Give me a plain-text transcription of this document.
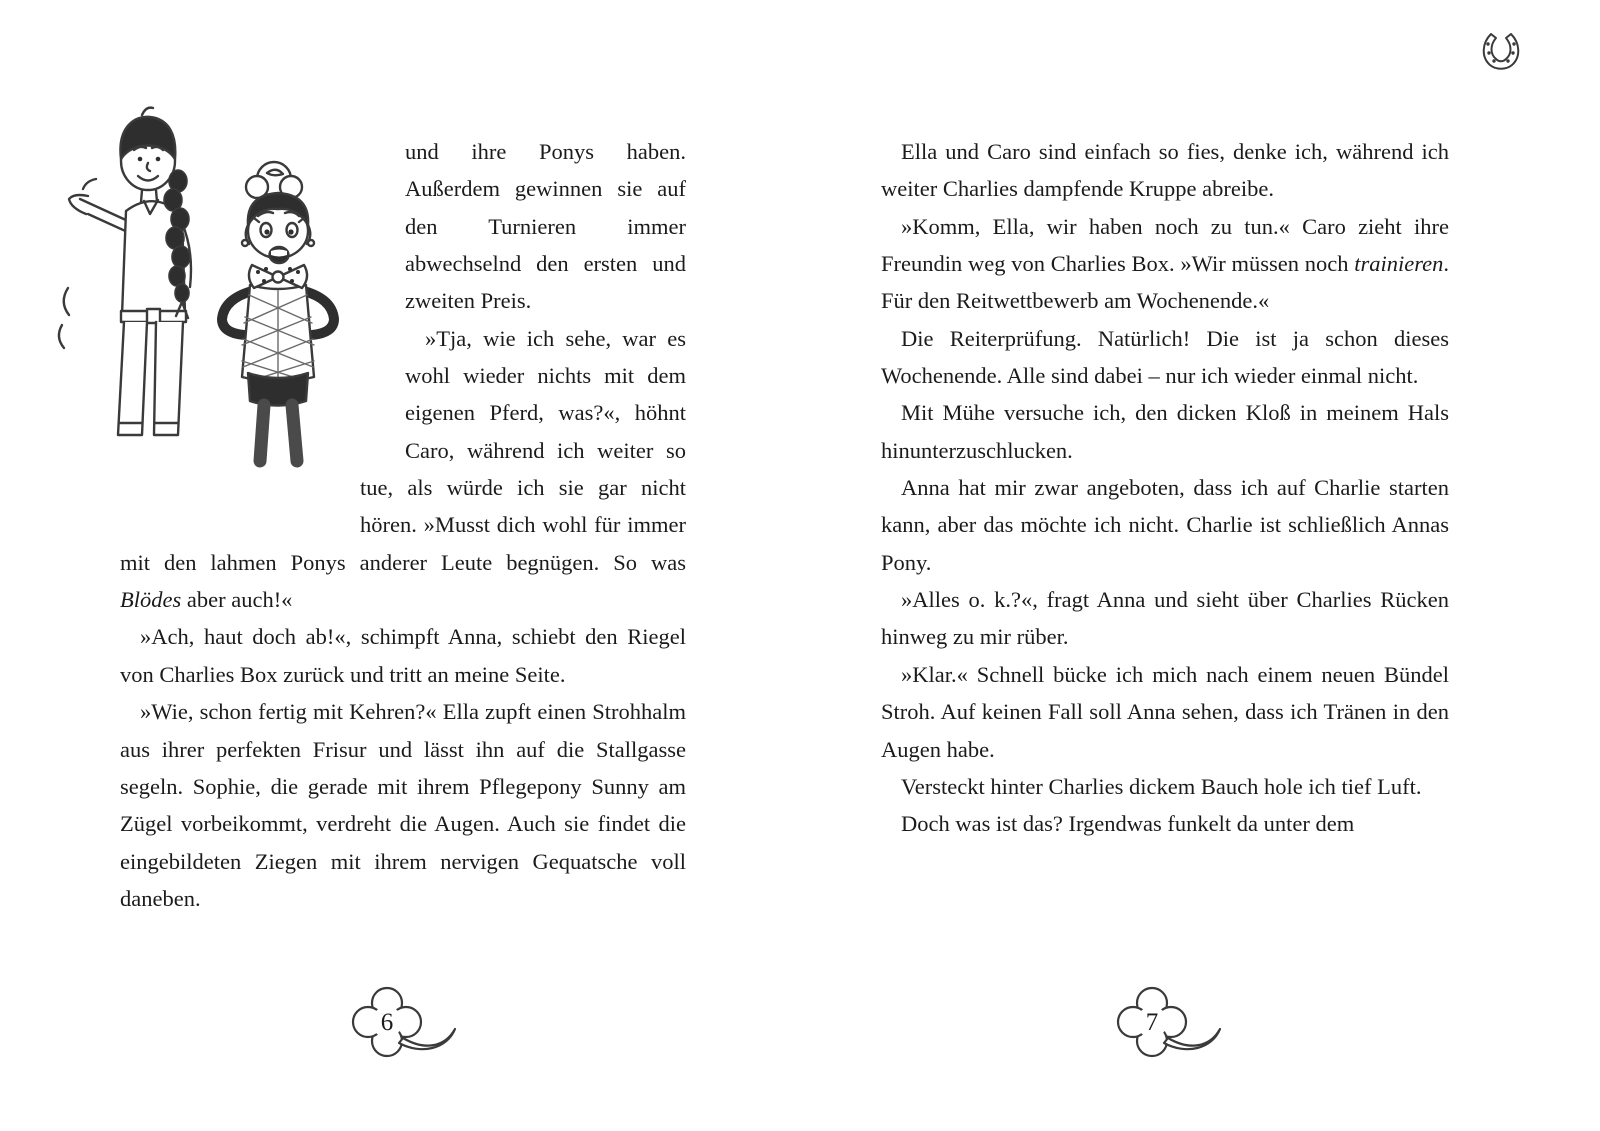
und ihre Ponys haben. Außerdem gewinnen sie auf den Turnieren immer abwechselnd den ersten und zweiten Preis.

»Tja, wie ich sehe, war es wohl wieder nichts mit dem eigenen Pferd, was?«, höhnt Caro, während ich weiter so tue, als würde ich sie gar nicht hören. »Musst dich wohl für immer mit den lahmen Ponys anderer Leute begnügen. So was Blödes aber auch!«

»Ach, haut doch ab!«, schimpft Anna, schiebt den Riegel von Charlies Box zurück und tritt an meine Seite.

»Wie, schon fertig mit Kehren?« Ella zupft einen Strohhalm aus ihrer perfekten Frisur und lässt ihn auf die Stallgasse segeln. Sophie, die gerade mit ihrem Pflegepony Sunny am Zügel vorbeikommt, verdreht die Augen. Auch sie findet die eingebildeten Ziegen mit ihrem nervigen Gequatsche voll daneben.

Ella und Caro sind einfach so fies, denke ich, während ich weiter Charlies dampfende Kruppe abreibe.

»Komm, Ella, wir haben noch zu tun.« Caro zieht ihre Freundin weg von Charlies Box. »Wir müssen noch trainieren. Für den Reitwettbewerb am Wochenende.«

Die Reiterprüfung. Natürlich! Die ist ja schon dieses Wochenende. Alle sind dabei – nur ich wieder einmal nicht.

Mit Mühe versuche ich, den dicken Kloß in meinem Hals hinunterzuschlucken.

Anna hat mir zwar angeboten, dass ich auf Charlie starten kann, aber das möchte ich nicht. Charlie ist schließlich Annas Pony.

»Alles o. k.?«, fragt Anna und sieht über Charlies Rücken hinweg zu mir rüber.

»Klar.« Schnell bücke ich mich nach einem neuen Bündel Stroh. Auf keinen Fall soll Anna sehen, dass ich Tränen in den Augen habe.

Versteckt hinter Charlies dickem Bauch hole ich tief Luft.

Doch was ist das? Irgendwas funkelt da unter dem

6	7
